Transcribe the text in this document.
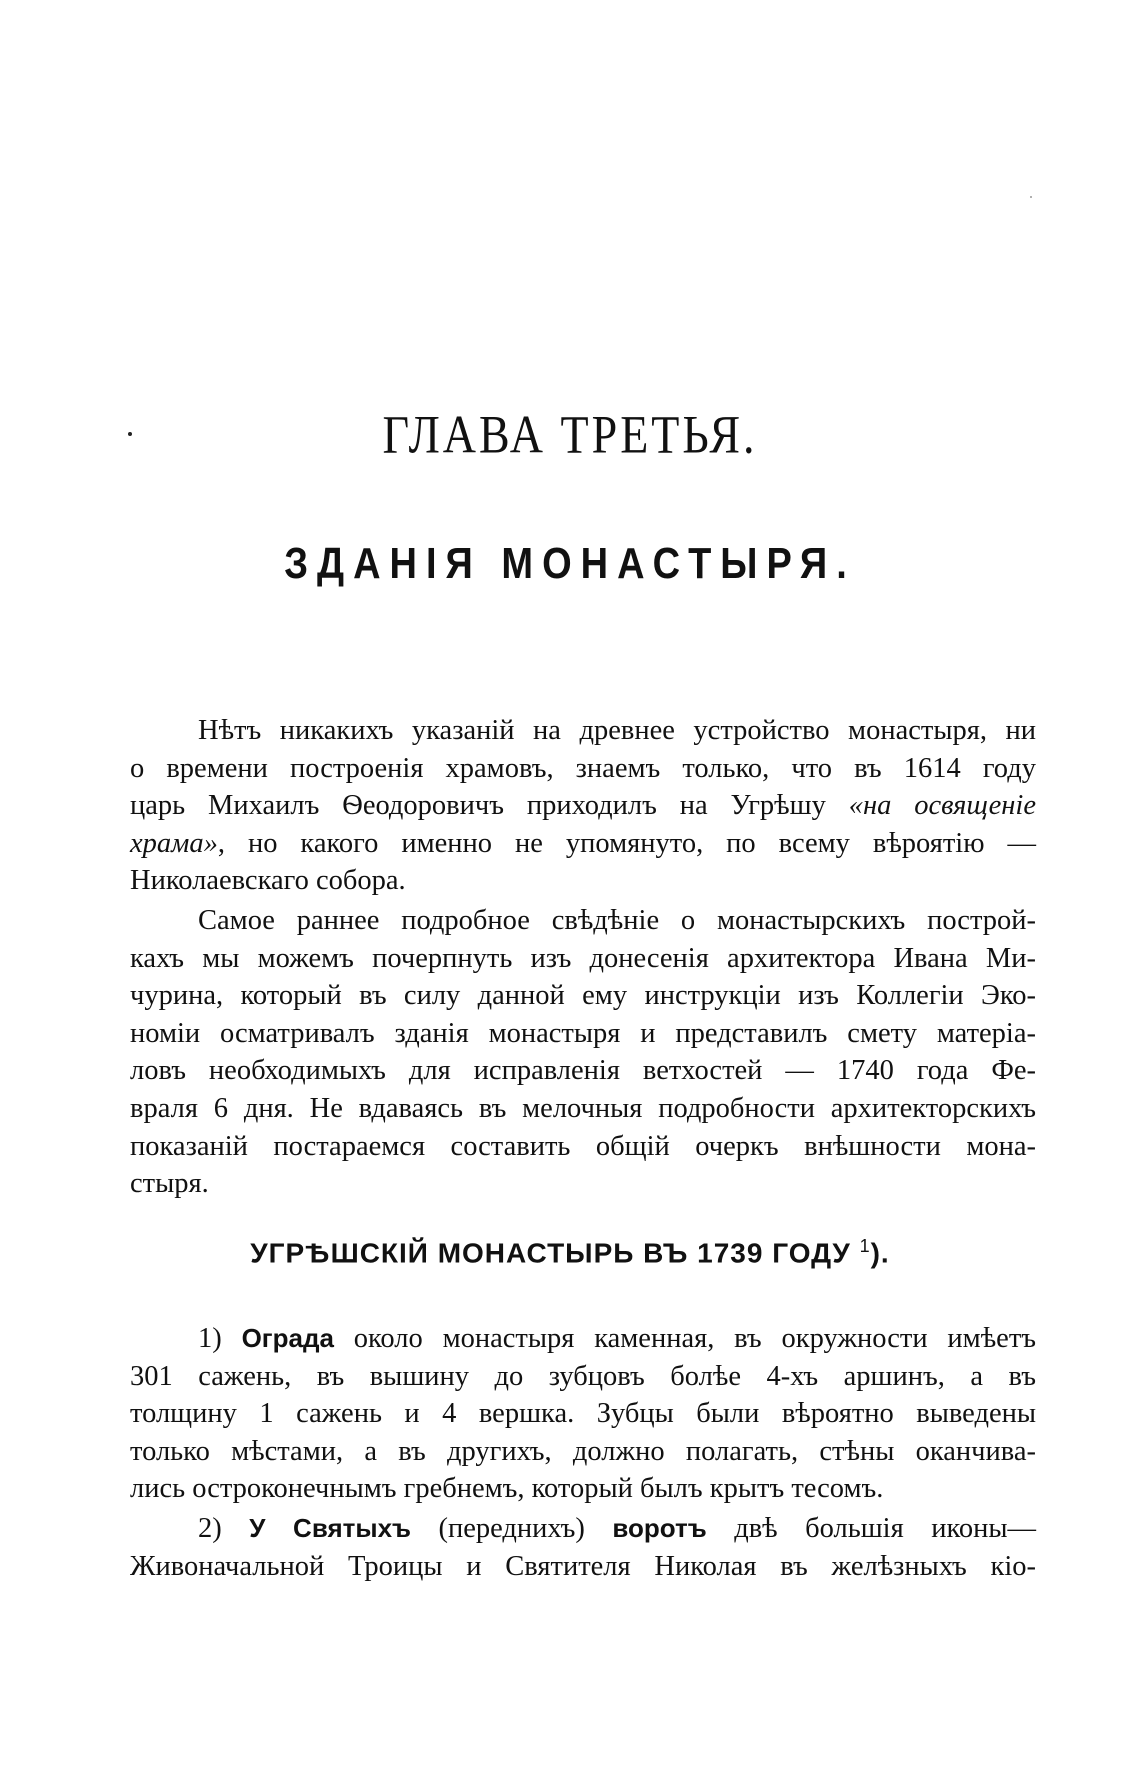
ГЛАВА ТРЕТЬЯ.
ЗДАНІЯ МОНАСТЫРЯ.
Нѣтъ никакихъ указаній на древнее устройство монастыря, ни
о времени построенія храмовъ, знаемъ только, что въ 1614 году
царь Михаилъ Ѳеодоровичъ приходилъ на Угрѣшу «на освященіе
храма», но какого именно не упомянуто, по всему вѣроятію —
Николаевскаго собора.
Самое раннее подробное свѣдѣніе о монастырскихъ построй-
кахъ мы можемъ почерпнуть изъ донесенія архитектора Ивана Ми-
чурина, который въ силу данной ему инструкціи изъ Коллегіи Эко-
номіи осматривалъ зданія монастыря и представилъ смету матеріа-
ловъ необходимыхъ для исправленія ветхостей — 1740 года Фе-
враля 6 дня. Не вдаваясь въ мелочныя подробности архитекторскихъ
показаній постараемся составить общій очеркъ внѣшности мона-
стыря.
УГРѢШСКІЙ МОНАСТЫРЬ ВЪ 1739 ГОДУ $^1$).
1) Ограда около монастыря каменная, въ окружности имѣетъ
301 сажень, въ вышину до зубцовъ болѣе 4-хъ аршинъ, а въ
толщину 1 сажень и 4 вершка. Зубцы были вѣроятно выведены
только мѣстами, а въ другихъ, должно полагать, стѣны оканчива-
лись остроконечнымъ гребнемъ, который былъ крытъ тесомъ.
2) У Святыхъ (переднихъ) воротъ двѣ большія иконы—
Живоначальной Троицы и Святителя Николая въ желѣзныхъ кіо-
